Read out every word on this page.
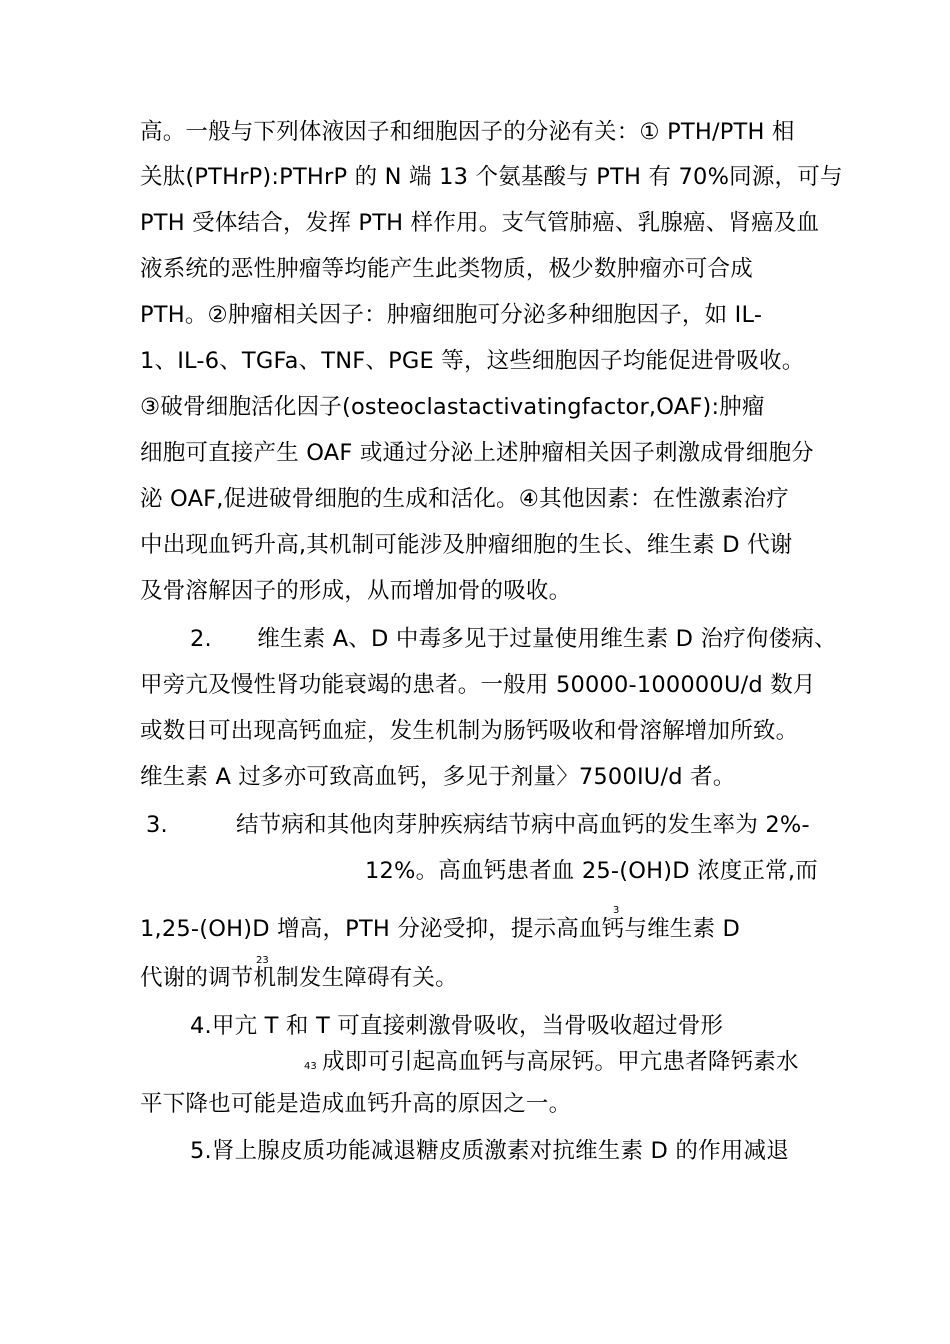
高。一般与下列体液因子和细胞因子的分泌有关：① PTH/PTH 相
关肽(PTHrP):PTHrP 的 N 端 13 个氨基酸与 PTH 有 70%同源，可与
PTH 受体结合，发挥 PTH 样作用。支气管肺癌、乳腺癌、肾癌及血
液系统的恶性肿瘤等均能产生此类物质，极少数肿瘤亦可合成
PTH。②肿瘤相关因子：肿瘤细胞可分泌多种细胞因子，如 IL-
1、IL-6、TGFa、TNF、PGE 等，这些细胞因子均能促进骨吸收。
③破骨细胞活化因子(osteoclastactivatingfactor,OAF):肿瘤
细胞可直接产生 OAF 或通过分泌上述肿瘤相关因子刺激成骨细胞分
泌 OAF,促进破骨细胞的生成和活化。④其他因素：在性激素治疗
中出现血钙升高,其机制可能涉及肿瘤细胞的生长、维生素 D 代谢
及骨溶解因子的形成，从而增加骨的吸收。
2.　　维生素 A、D 中毒多见于过量使用维生素 D 治疗佝偻病、
甲旁亢及慢性肾功能衰竭的患者。一般用 50000-100000U/d 数月
或数日可出现高钙血症，发生机制为肠钙吸收和骨溶解增加所致。
维生素 A 过多亦可致高血钙，多见于剂量〉7500IU/d 者。
3.　　　结节病和其他肉芽肿疾病结节病中高血钙的发生率为 2%-
12%。高血钙患者血 25-(OH)D 浓度正常,而
3
1,25-(OH)D 增高，PTH 分泌受抑，提示高血钙与维生素 D
23
代谢的调节机制发生障碍有关。
4.甲亢 T 和 T 可直接刺激骨吸收，当骨吸收超过骨形
43 成即可引起高血钙与高尿钙。甲亢患者降钙素水
平下降也可能是造成血钙升高的原因之一。
5.肾上腺皮质功能减退糖皮质激素对抗维生素 D 的作用减退
